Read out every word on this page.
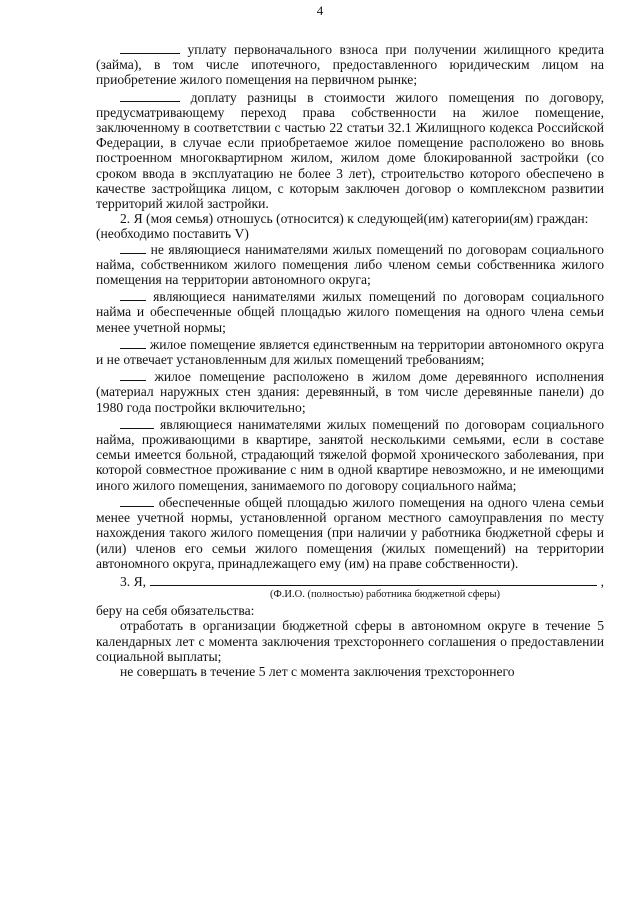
4

уплату первоначального взноса при получении жилищного кредита (займа), в том числе ипотечного, предоставленного юридическим лицом на приобретение жилого помещения на первичном рынке;

доплату разницы в стоимости жилого помещения по договору, предусматривающему переход права собственности на жилое помещение, заключенному в соответствии с частью 22 статьи 32.1 Жилищного кодекса Российской Федерации, в случае если приобретаемое жилое помещение расположено во вновь построенном многоквартирном жилом, жилом доме блокированной застройки (со сроком ввода в эксплуатацию не более 3 лет), строительство которого обеспечено в качестве застройщика лицом, с которым заключен договор о комплексном развитии территорий жилой застройки.

2. Я (моя семья) отношусь (относится) к следующей(им) категории(ям) граждан:

(необходимо поставить V)

не являющиеся нанимателями жилых помещений по договорам социального найма, собственником жилого помещения либо членом семьи собственника жилого помещения на территории автономного округа;

являющиеся нанимателями жилых помещений по договорам социального найма и обеспеченные общей площадью жилого помещения на одного члена семьи менее учетной нормы;

жилое помещение является единственным на территории автономного округа и не отвечает установленным для жилых помещений требованиям;

жилое помещение расположено в жилом доме деревянного исполнения (материал наружных стен здания: деревянный, в том числе деревянные панели) до 1980 года постройки включительно;

являющиеся нанимателями жилых помещений по договорам социального найма, проживающими в квартире, занятой несколькими семьями, если в составе семьи имеется больной, страдающий тяжелой формой хронического заболевания, при которой совместное проживание с ним в одной квартире невозможно, и не имеющими иного жилого помещения, занимаемого по договору социального найма;

обеспеченные общей площадью жилого помещения на одного члена семьи менее учетной нормы, установленной органом местного самоуправления по месту нахождения такого жилого помещения (при наличии у работника бюджетной сферы и (или) членов его семьи жилого помещения (жилых помещений) на территории автономного округа, принадлежащего ему (им) на праве собственности).

3. Я,	,
(Ф.И.О. (полностью) работника бюджетной сферы)

беру на себя обязательства:

отработать в организации бюджетной сферы в автономном округе в течение 5 календарных лет с момента заключения трехстороннего соглашения о предоставлении социальной выплаты;

не совершать в течение 5 лет с момента заключения трехстороннего
